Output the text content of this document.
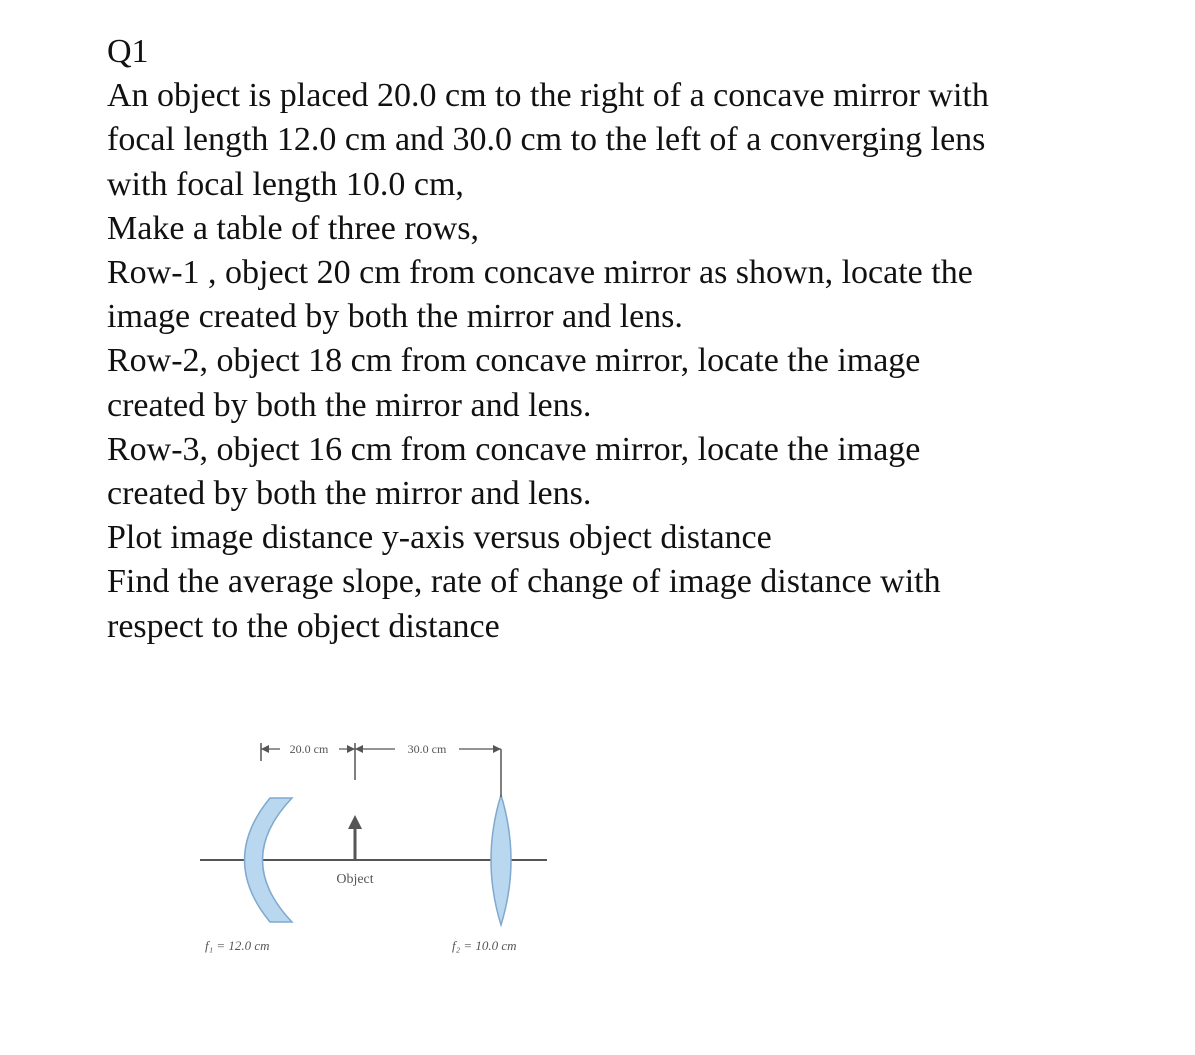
Q1
An object is placed 20.0 cm to the right of a concave mirror with
focal length 12.0 cm and 30.0 cm to the left of a converging lens
with focal length 10.0 cm,
Make a table of three rows,
Row-1 , object 20 cm from concave mirror as shown, locate the
image created by both the mirror and lens.
Row-2, object 18 cm from concave mirror, locate the image
created by both the mirror and lens.
Row-3, object 16 cm from concave mirror, locate the image
created by both the mirror and lens.
Plot image distance y-axis versus object distance
Find the average slope, rate of change of image distance with
respect to the object distance
20.0 cm	30.0 cm
Object
f₁ = 12.0 cm	f₂ = 10.0 cm
